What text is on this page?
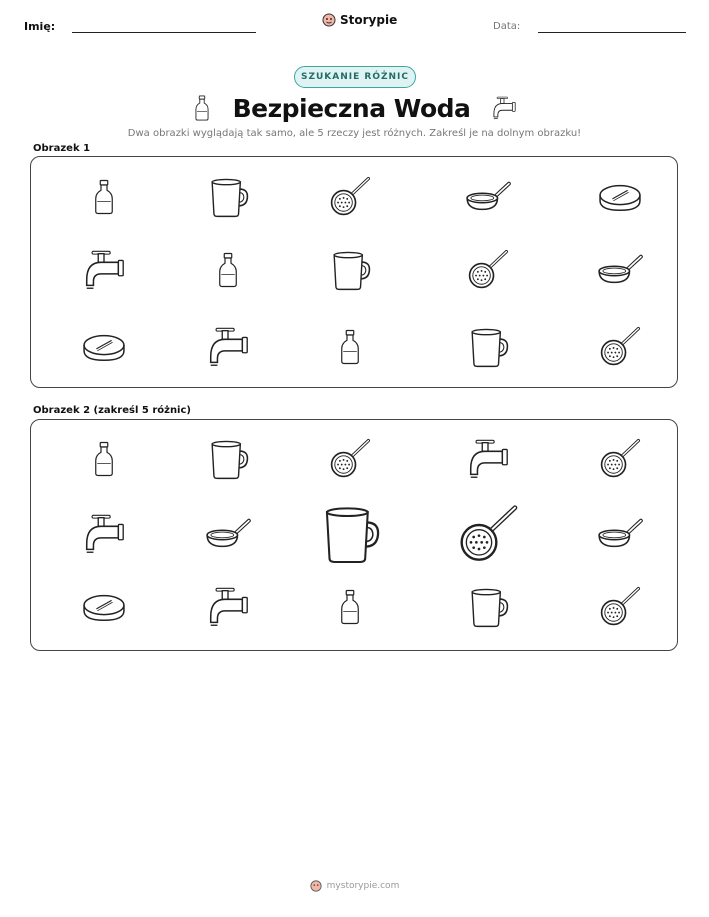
Imię:	Storypie	Data:
SZUKANIE RÓŻNIC
Bezpieczna Woda
Dwa obrazki wyglądają tak samo, ale 5 rzeczy jest różnych. Zakreśl je na dolnym obrazku!
Obrazek 1
Obrazek 2 (zakreśl 5 różnic)
mystorypie.com
